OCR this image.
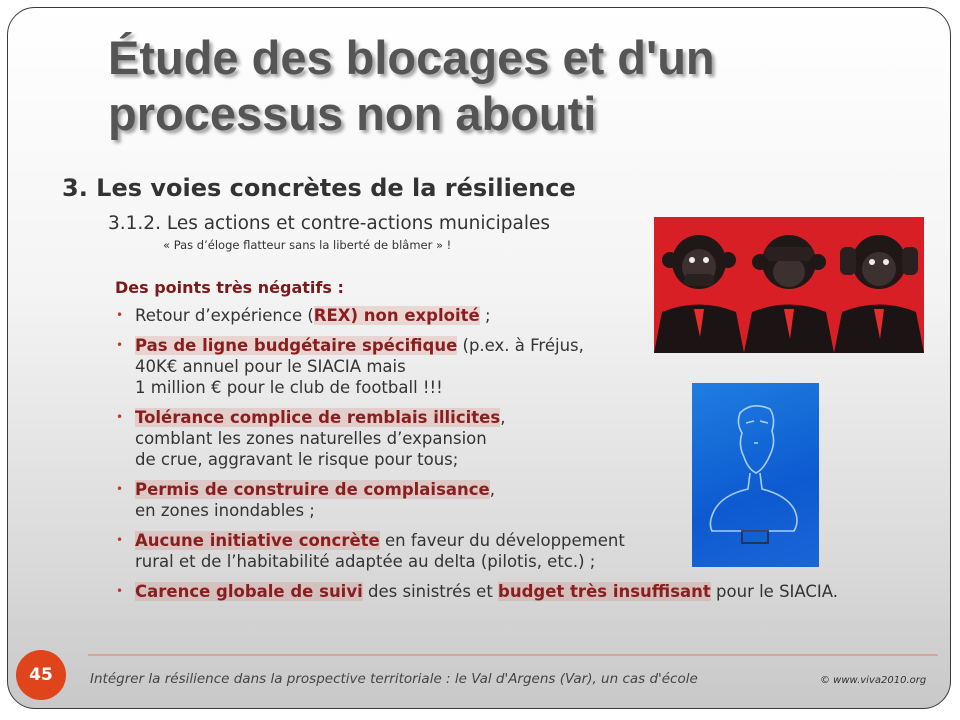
Étude des blocages et d'un processus non abouti
3. Les voies concrètes de la résilience
3.1.2. Les actions et contre-actions municipales
« Pas d’éloge flatteur sans la liberté de blâmer » !
Des points très négatifs :
• Retour d’expérience (REX) non exploité ;
• Pas de ligne budgétaire spécifique (p.ex. à Fréjus,
40K€ annuel pour le SIACIA mais
1 million € pour le club de football !!!
• Tolérance complice de remblais illicites,
comblant les zones naturelles d’expansion
de crue, aggravant le risque pour tous;
• Permis de construire de complaisance,
en zones inondables ;
• Aucune initiative concrète en faveur du développement
rural et de l’habitabilité adaptée au delta (pilotis, etc.) ;
• Carence globale de suivi des sinistrés et budget très insuffisant pour le SIACIA.
45	Intégrer la résilience dans la prospective territoriale : le Val d'Argens (Var), un cas d'école	© www.viva2010.org
